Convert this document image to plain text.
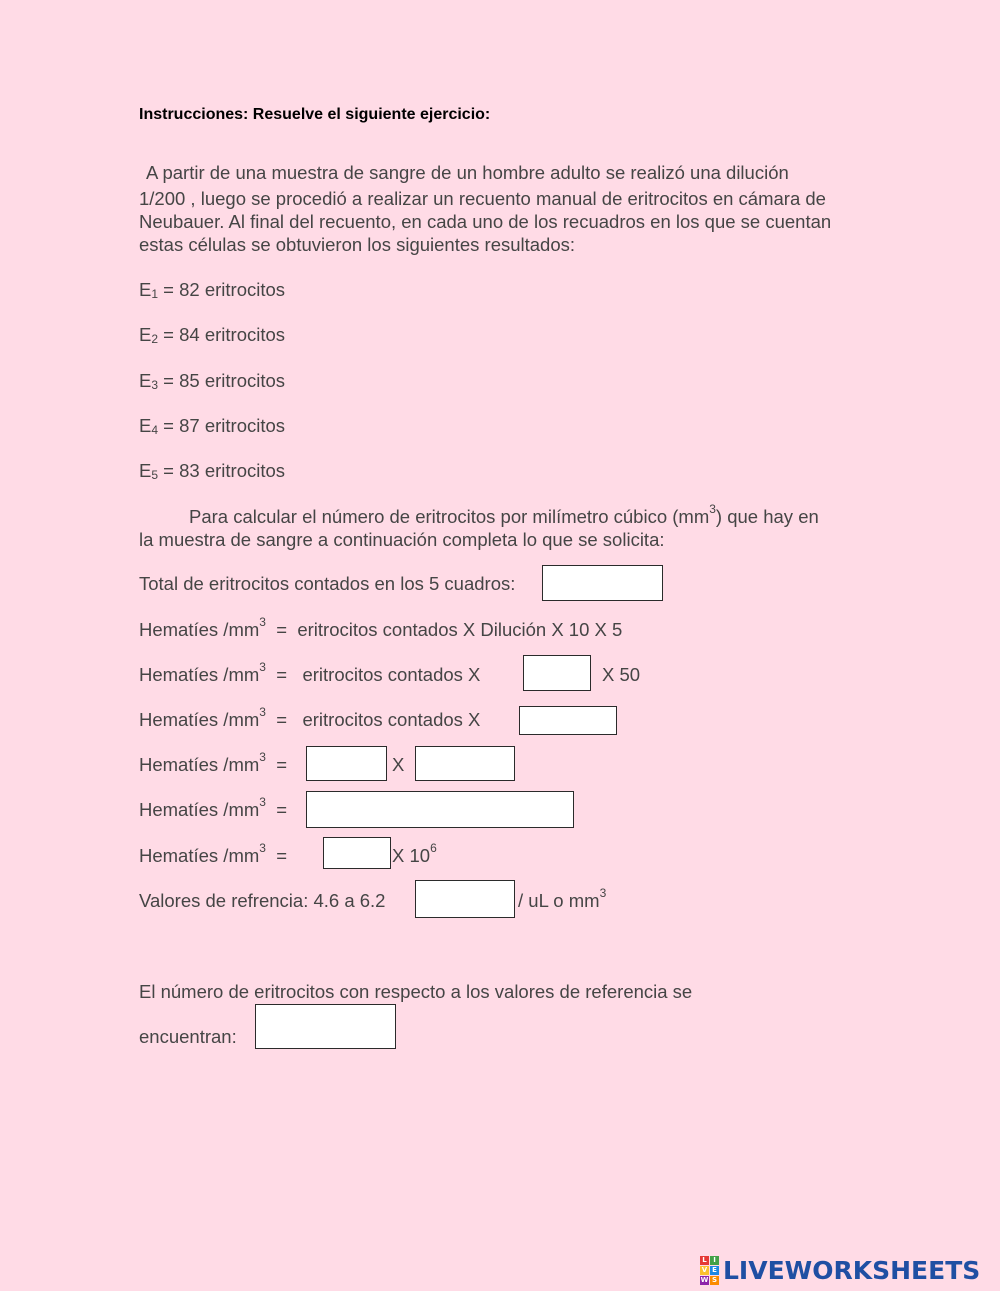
Instrucciones: Resuelve el siguiente ejercicio:
A partir de una muestra de sangre de un hombre adulto se realizó una dilución
1/200 , luego se procedió a realizar un recuento manual de eritrocitos en cámara de
Neubauer. Al final del recuento, en cada uno de los recuadros en los que se cuentan
estas células se obtuvieron los siguientes resultados:
$E_1 = 82$ eritrocitos
$E_2 = 84$ eritrocitos
$E_3 = 85$ eritrocitos
$E_4 = 87$ eritrocitos
$E_5 = 83$ eritrocitos
Para calcular el número de eritrocitos por milímetro cúbico $(mm^3)$ que hay en
la muestra de sangre a continuación completa lo que se solicita:
Total de eritrocitos contados en los 5 cuadros:
Hematíes $/mm^3$ = eritrocitos contados X Dilución X 10 X 5
Hematíes $/mm^3$ = eritrocitos contados X	X 50
Hematíes $/mm^3$ = eritrocitos contados X
Hematíes $/mm^3$ =	X
Hematíes $/mm^3$ =
Hematíes $/mm^3$ =	X $10^6$
Valores de refrencia: 4.6 a 6.2	/ uL o $mm^3$
El número de eritrocitos con respecto a los valores de referencia se
encuentran:
L I
V E
W S LIVEWORKSHEETS
